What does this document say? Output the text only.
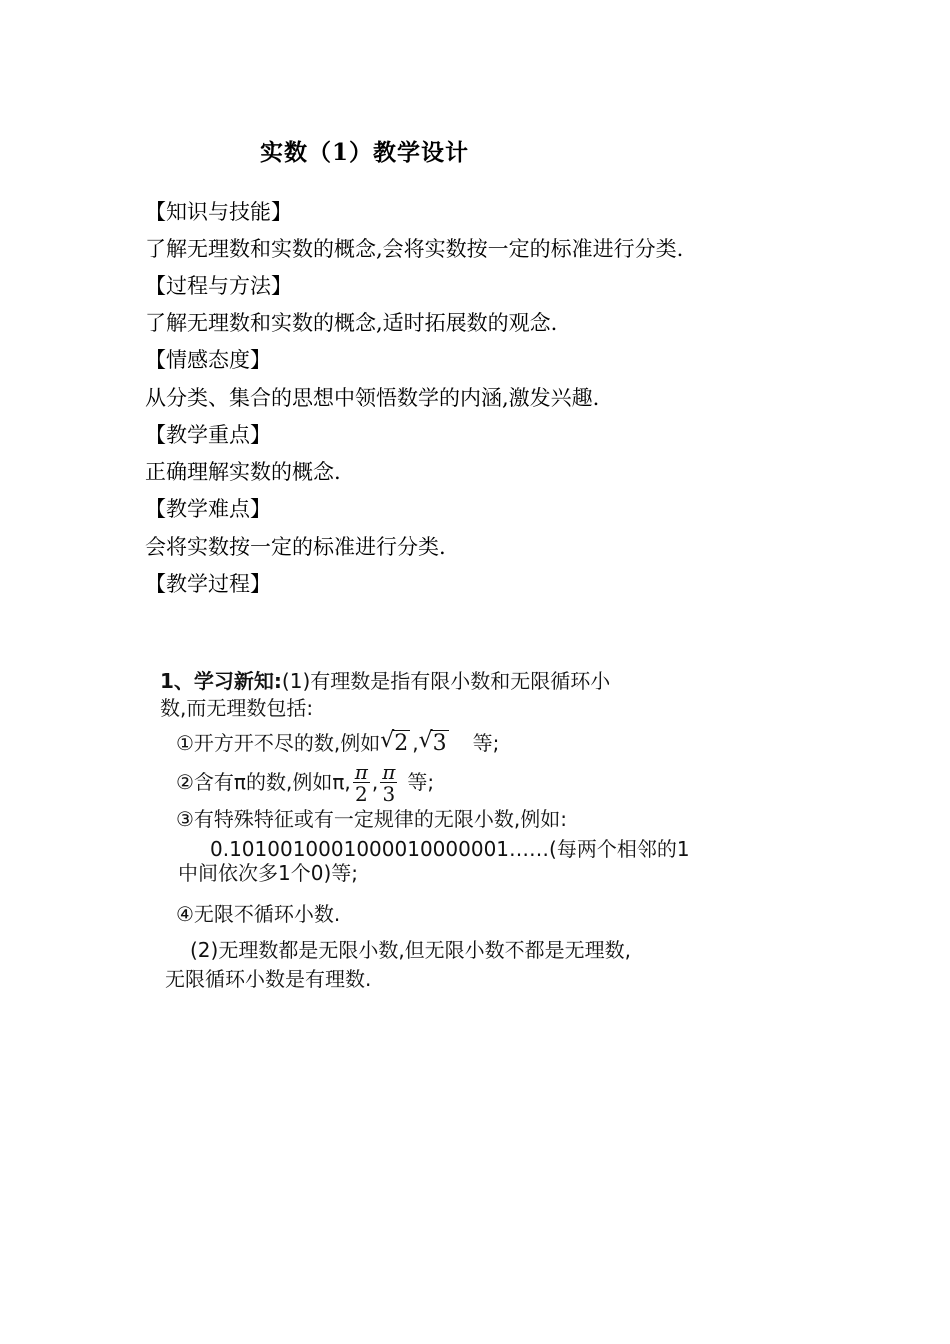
实数（1）教学设计
【知识与技能】
了解无理数和实数的概念,会将实数按一定的标准进行分类.
【过程与方法】
了解无理数和实数的概念,适时拓展数的观念.
【情感态度】
从分类、集合的思想中领悟数学的内涵,激发兴趣.
【教学重点】
正确理解实数的概念.
【教学难点】
会将实数按一定的标准进行分类.
【教学过程】
1、学习新知:(1)有理数是指有限小数和无限循环小
数,而无理数包括:
①开方开不尽的数,例如 √ 2 , √ 3 等;
②含有π的数,例如π, $\frac{\pi}{2}$ , $\frac{\pi}{3}$ 等;
③有特殊特征或有一定规律的无限小数,例如:
0.1010010001000010000001……(每两个相邻的1
中间依次多1个0)等;
④无限不循环小数.
(2)无理数都是无限小数,但无限小数不都是无理数,
无限循环小数是有理数.
